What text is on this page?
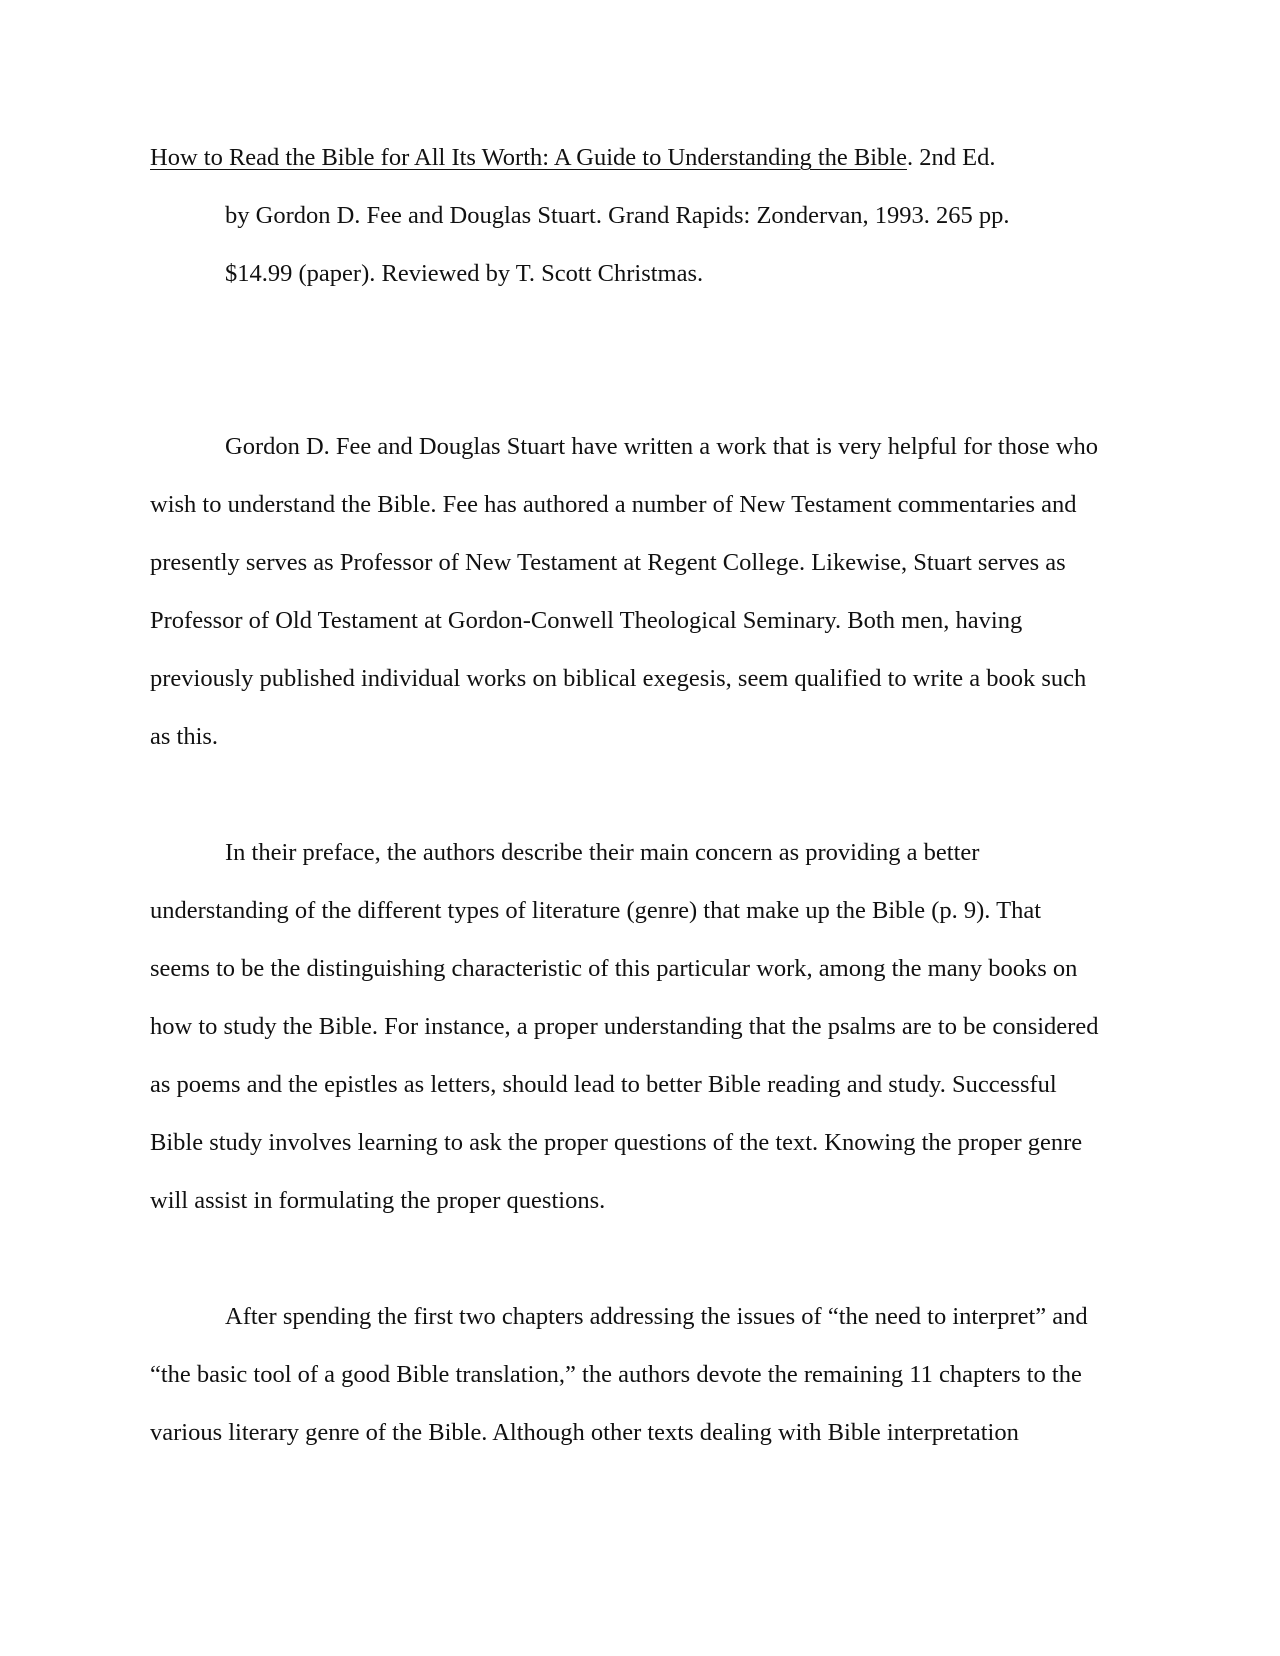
How to Read the Bible for All Its Worth: A Guide to Understanding the Bible. 2nd Ed.

by Gordon D. Fee and Douglas Stuart. Grand Rapids: Zondervan, 1993. 265 pp.

$14.99 (paper). Reviewed by T. Scott Christmas.

Gordon D. Fee and Douglas Stuart have written a work that is very helpful for those who

wish to understand the Bible. Fee has authored a number of New Testament commentaries and

presently serves as Professor of New Testament at Regent College. Likewise, Stuart serves as

Professor of Old Testament at Gordon-Conwell Theological Seminary. Both men, having

previously published individual works on biblical exegesis, seem qualified to write a book such

as this.

In their preface, the authors describe their main concern as providing a better

understanding of the different types of literature (genre) that make up the Bible (p. 9). That

seems to be the distinguishing characteristic of this particular work, among the many books on

how to study the Bible. For instance, a proper understanding that the psalms are to be considered

as poems and the epistles as letters, should lead to better Bible reading and study. Successful

Bible study involves learning to ask the proper questions of the text. Knowing the proper genre

will assist in formulating the proper questions.

After spending the first two chapters addressing the issues of “the need to interpret” and

“the basic tool of a good Bible translation,” the authors devote the remaining 11 chapters to the

various literary genre of the Bible. Although other texts dealing with Bible interpretation
